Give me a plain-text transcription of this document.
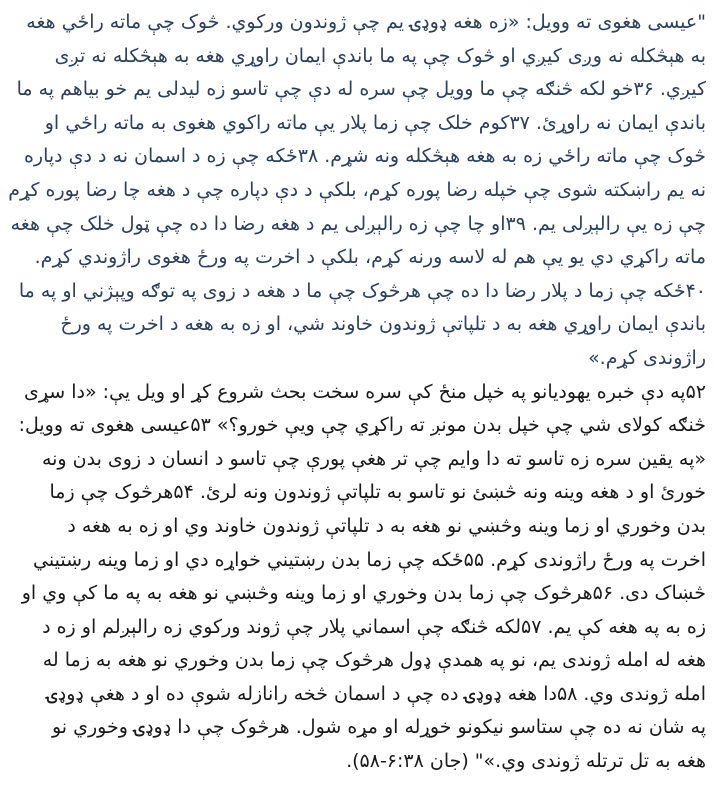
"عیسی هغوی ته وویل: «زه هغه ډوډۍ یم چې ژوندون ورکوي. څوک چې ماته راځي هغه
به هېڅکله نه وږی کیږي او څوک چې په ما باندې ایمان راوړي هغه به هېڅکله نه تږی
کیږي. ۳۶خو لکه څنګه چې ما وویل چې سره له دې چې تاسو زه لیدلی یم خو بیاهم په ما
باندې ایمان نه راوړئ. ۳۷کوم خلک چې زما پلار یې ماته راکوي هغوی به ماته راځي او
څوک چې ماته راځي زه به هغه هېڅکله ونه شړم. ۳۸ځکه چې زه د اسمان نه د دې دپاره
نه یم راښکته شوی چې خپله رضا پوره کړم، بلکې د دې دپاره چې د هغه چا رضا پوره کړم
چې زه یې رالېږلی یم. ۳۹او چا چې زه رالېږلی یم د هغه رضا دا ده چې ټول خلک چې هغه
ماته راکړي دي یو یې هم له لاسه ورنه کړم، بلکې د اخرت په ورځ هغوی راژوندي کړم.
۴۰ځکه چې زما د پلار رضا دا ده چې هرڅوک چې ما د هغه د زوی په توګه وپېژني او په ما
باندې ایمان راوړي هغه به د تلپاتې ژوندون خاوند شي، او زه به هغه د اخرت په ورځ
راژوندی کړم.»
۵۲په دې خبره یهودیانو په خپل منځ کې سره سخت بحث شروع کړ او ویل یې: «دا سړی
څنګه کولای شي چې خپل بدن مونږ ته راکړي چې ویې خورو؟» ۵۳عیسی هغوی ته وویل:
«په یقین سره زه تاسو ته دا وایم چې تر هغې پورې چې تاسو د انسان د زوی بدن ونه
خورئ او د هغه وینه ونه څښئ نو تاسو به تلپاتې ژوندون ونه لرئ. ۵۴هرڅوک چې زما
بدن وخوري او زما وینه وڅښي نو هغه به د تلپاتې ژوندون خاوند وي او زه به هغه د
اخرت په ورځ راژوندی کړم. ۵۵ځکه چې زما بدن رښتیني خواړه دي او زما وینه رښتیني
څښاک دی. ۵۶هرڅوک چې زما بدن وخوري او زما وینه وڅښي نو هغه به په ما کې وي او
زه به په هغه کې یم. ۵۷لکه څنګه چې اسماني پلار چې ژوند ورکوي زه رالېږلم او زه د
هغه له امله ژوندی یم، نو په همدې ډول هرڅوک چې زما بدن وخوري نو هغه به زما له
امله ژوندی وي. ۵۸دا هغه ډوډۍ ده چې د اسمان څخه رانازله شوې ده او د هغې ډوډۍ
په شان نه ده چې ستاسو نیکونو خوړله او مړه شول. هرڅوک چې دا ډوډۍ وخوري نو
هغه به تل ترتله ژوندی وي.»" (جان ۶:۳۸-۵۸).
